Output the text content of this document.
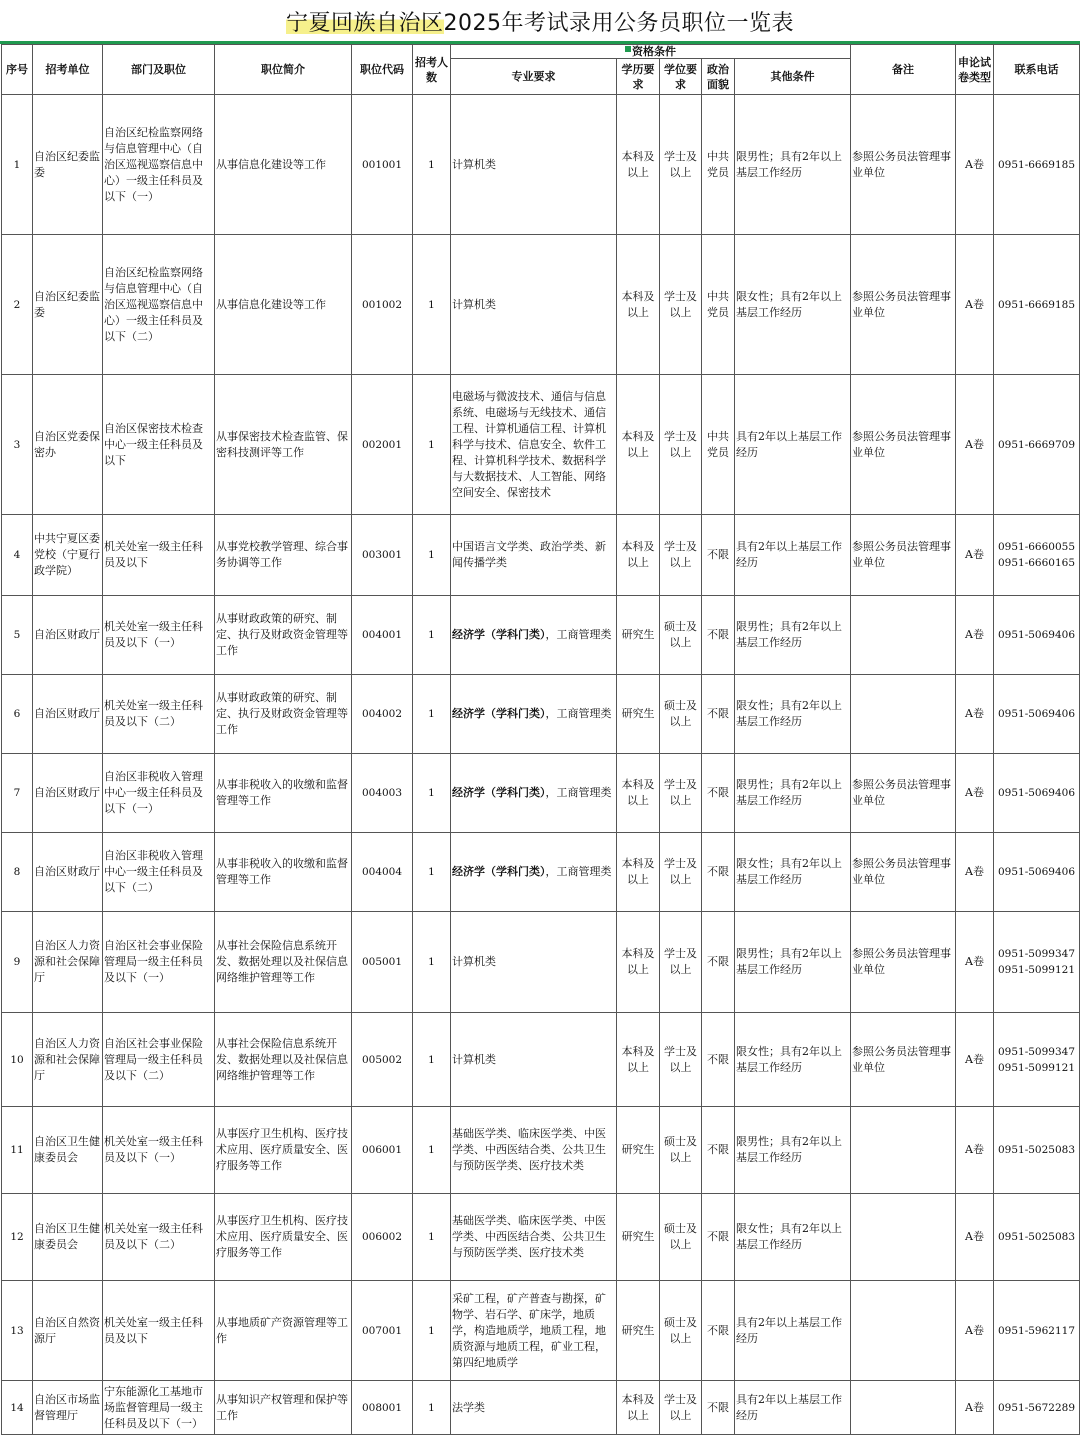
宁夏回族自治区2025年考试录用公务员职位一览表
序号	招考单位	部门及职位	职位简介	职位代码	招考人数	资格条件					备注	申论试卷类型	联系电话
						专业要求	学历要求	学位要求	政治面貌	其他条件			
1	自治区纪委监委	自治区纪检监察网络与信息管理中心（自治区巡视巡察信息中心）一级主任科员及以下（一）	从事信息化建设等工作	001001	1	计算机类	本科及以上	学士及以上	中共党员	限男性；具有2年以上基层工作经历	参照公务员法管理事业单位	A卷	0951-6669185
2	自治区纪委监委	自治区纪检监察网络与信息管理中心（自治区巡视巡察信息中心）一级主任科员及以下（二）	从事信息化建设等工作	001002	1	计算机类	本科及以上	学士及以上	中共党员	限女性；具有2年以上基层工作经历	参照公务员法管理事业单位	A卷	0951-6669185
3	自治区党委保密办	自治区保密技术检查中心一级主任科员及以下	从事保密技术检查监管、保密科技测评等工作	002001	1	电磁场与微波技术、通信与信息系统、电磁场与无线技术、通信工程、计算机通信工程、计算机科学与技术、信息安全、软件工程、计算机科学技术、数据科学与大数据技术、人工智能、网络空间安全、保密技术	本科及以上	学士及以上	中共党员	具有2年以上基层工作经历	参照公务员法管理事业单位	A卷	0951-6669709
4	中共宁夏区委党校（宁夏行政学院）	机关处室一级主任科员及以下	从事党校教学管理、综合事务协调等工作	003001	1	中国语言文学类、政治学类、新闻传播学类	本科及以上	学士及以上	不限	具有2年以上基层工作经历	参照公务员法管理事业单位	A卷	0951-6660055
0951-6660165
5	自治区财政厅	机关处室一级主任科员及以下（一）	从事财政政策的研究、制定、执行及财政资金管理等工作	004001	1	经济学（学科门类），工商管理类	研究生	硕士及以上	不限	限男性；具有2年以上基层工作经历		A卷	0951-5069406
6	自治区财政厅	机关处室一级主任科员及以下（二）	从事财政政策的研究、制定、执行及财政资金管理等工作	004002	1	经济学（学科门类），工商管理类	研究生	硕士及以上	不限	限女性；具有2年以上基层工作经历		A卷	0951-5069406
7	自治区财政厅	自治区非税收入管理中心一级主任科员及以下（一）	从事非税收入的收缴和监督管理等工作	004003	1	经济学（学科门类），工商管理类	本科及以上	学士及以上	不限	限男性；具有2年以上基层工作经历	参照公务员法管理事业单位	A卷	0951-5069406
8	自治区财政厅	自治区非税收入管理中心一级主任科员及以下（二）	从事非税收入的收缴和监督管理等工作	004004	1	经济学（学科门类），工商管理类	本科及以上	学士及以上	不限	限女性；具有2年以上基层工作经历	参照公务员法管理事业单位	A卷	0951-5069406
9	自治区人力资源和社会保障厅	自治区社会事业保险管理局一级主任科员及以下（一）	从事社会保险信息系统开发、数据处理以及社保信息网络维护管理等工作	005001	1	计算机类	本科及以上	学士及以上	不限	限男性；具有2年以上基层工作经历	参照公务员法管理事业单位	A卷	0951-5099347
0951-5099121
10	自治区人力资源和社会保障厅	自治区社会事业保险管理局一级主任科员及以下（二）	从事社会保险信息系统开发、数据处理以及社保信息网络维护管理等工作	005002	1	计算机类	本科及以上	学士及以上	不限	限女性；具有2年以上基层工作经历	参照公务员法管理事业单位	A卷	0951-5099347
0951-5099121
11	自治区卫生健康委员会	机关处室一级主任科员及以下（一）	从事医疗卫生机构、医疗技术应用、医疗质量安全、医疗服务等工作	006001	1	基础医学类、临床医学类、中医学类、中西医结合类、公共卫生与预防医学类、医疗技术类	研究生	硕士及以上	不限	限男性；具有2年以上基层工作经历		A卷	0951-5025083
12	自治区卫生健康委员会	机关处室一级主任科员及以下（二）	从事医疗卫生机构、医疗技术应用、医疗质量安全、医疗服务等工作	006002	1	基础医学类、临床医学类、中医学类、中西医结合类、公共卫生与预防医学类、医疗技术类	研究生	硕士及以上	不限	限女性；具有2年以上基层工作经历		A卷	0951-5025083
13	自治区自然资源厅	机关处室一级主任科员及以下	从事地质矿产资源管理等工作	007001	1	采矿工程，矿产普查与勘探，矿物学、岩石学、矿床学，地质学，构造地质学，地质工程，地质资源与地质工程，矿业工程，第四纪地质学	研究生	硕士及以上	不限	具有2年以上基层工作经历		A卷	0951-5962117
14	自治区市场监督管理厅	宁东能源化工基地市场监督管理局一级主任科员及以下（一）	从事知识产权管理和保护等工作	008001	1	法学类	本科及以上	学士及以上	不限	具有2年以上基层工作经历		A卷	0951-5672289
